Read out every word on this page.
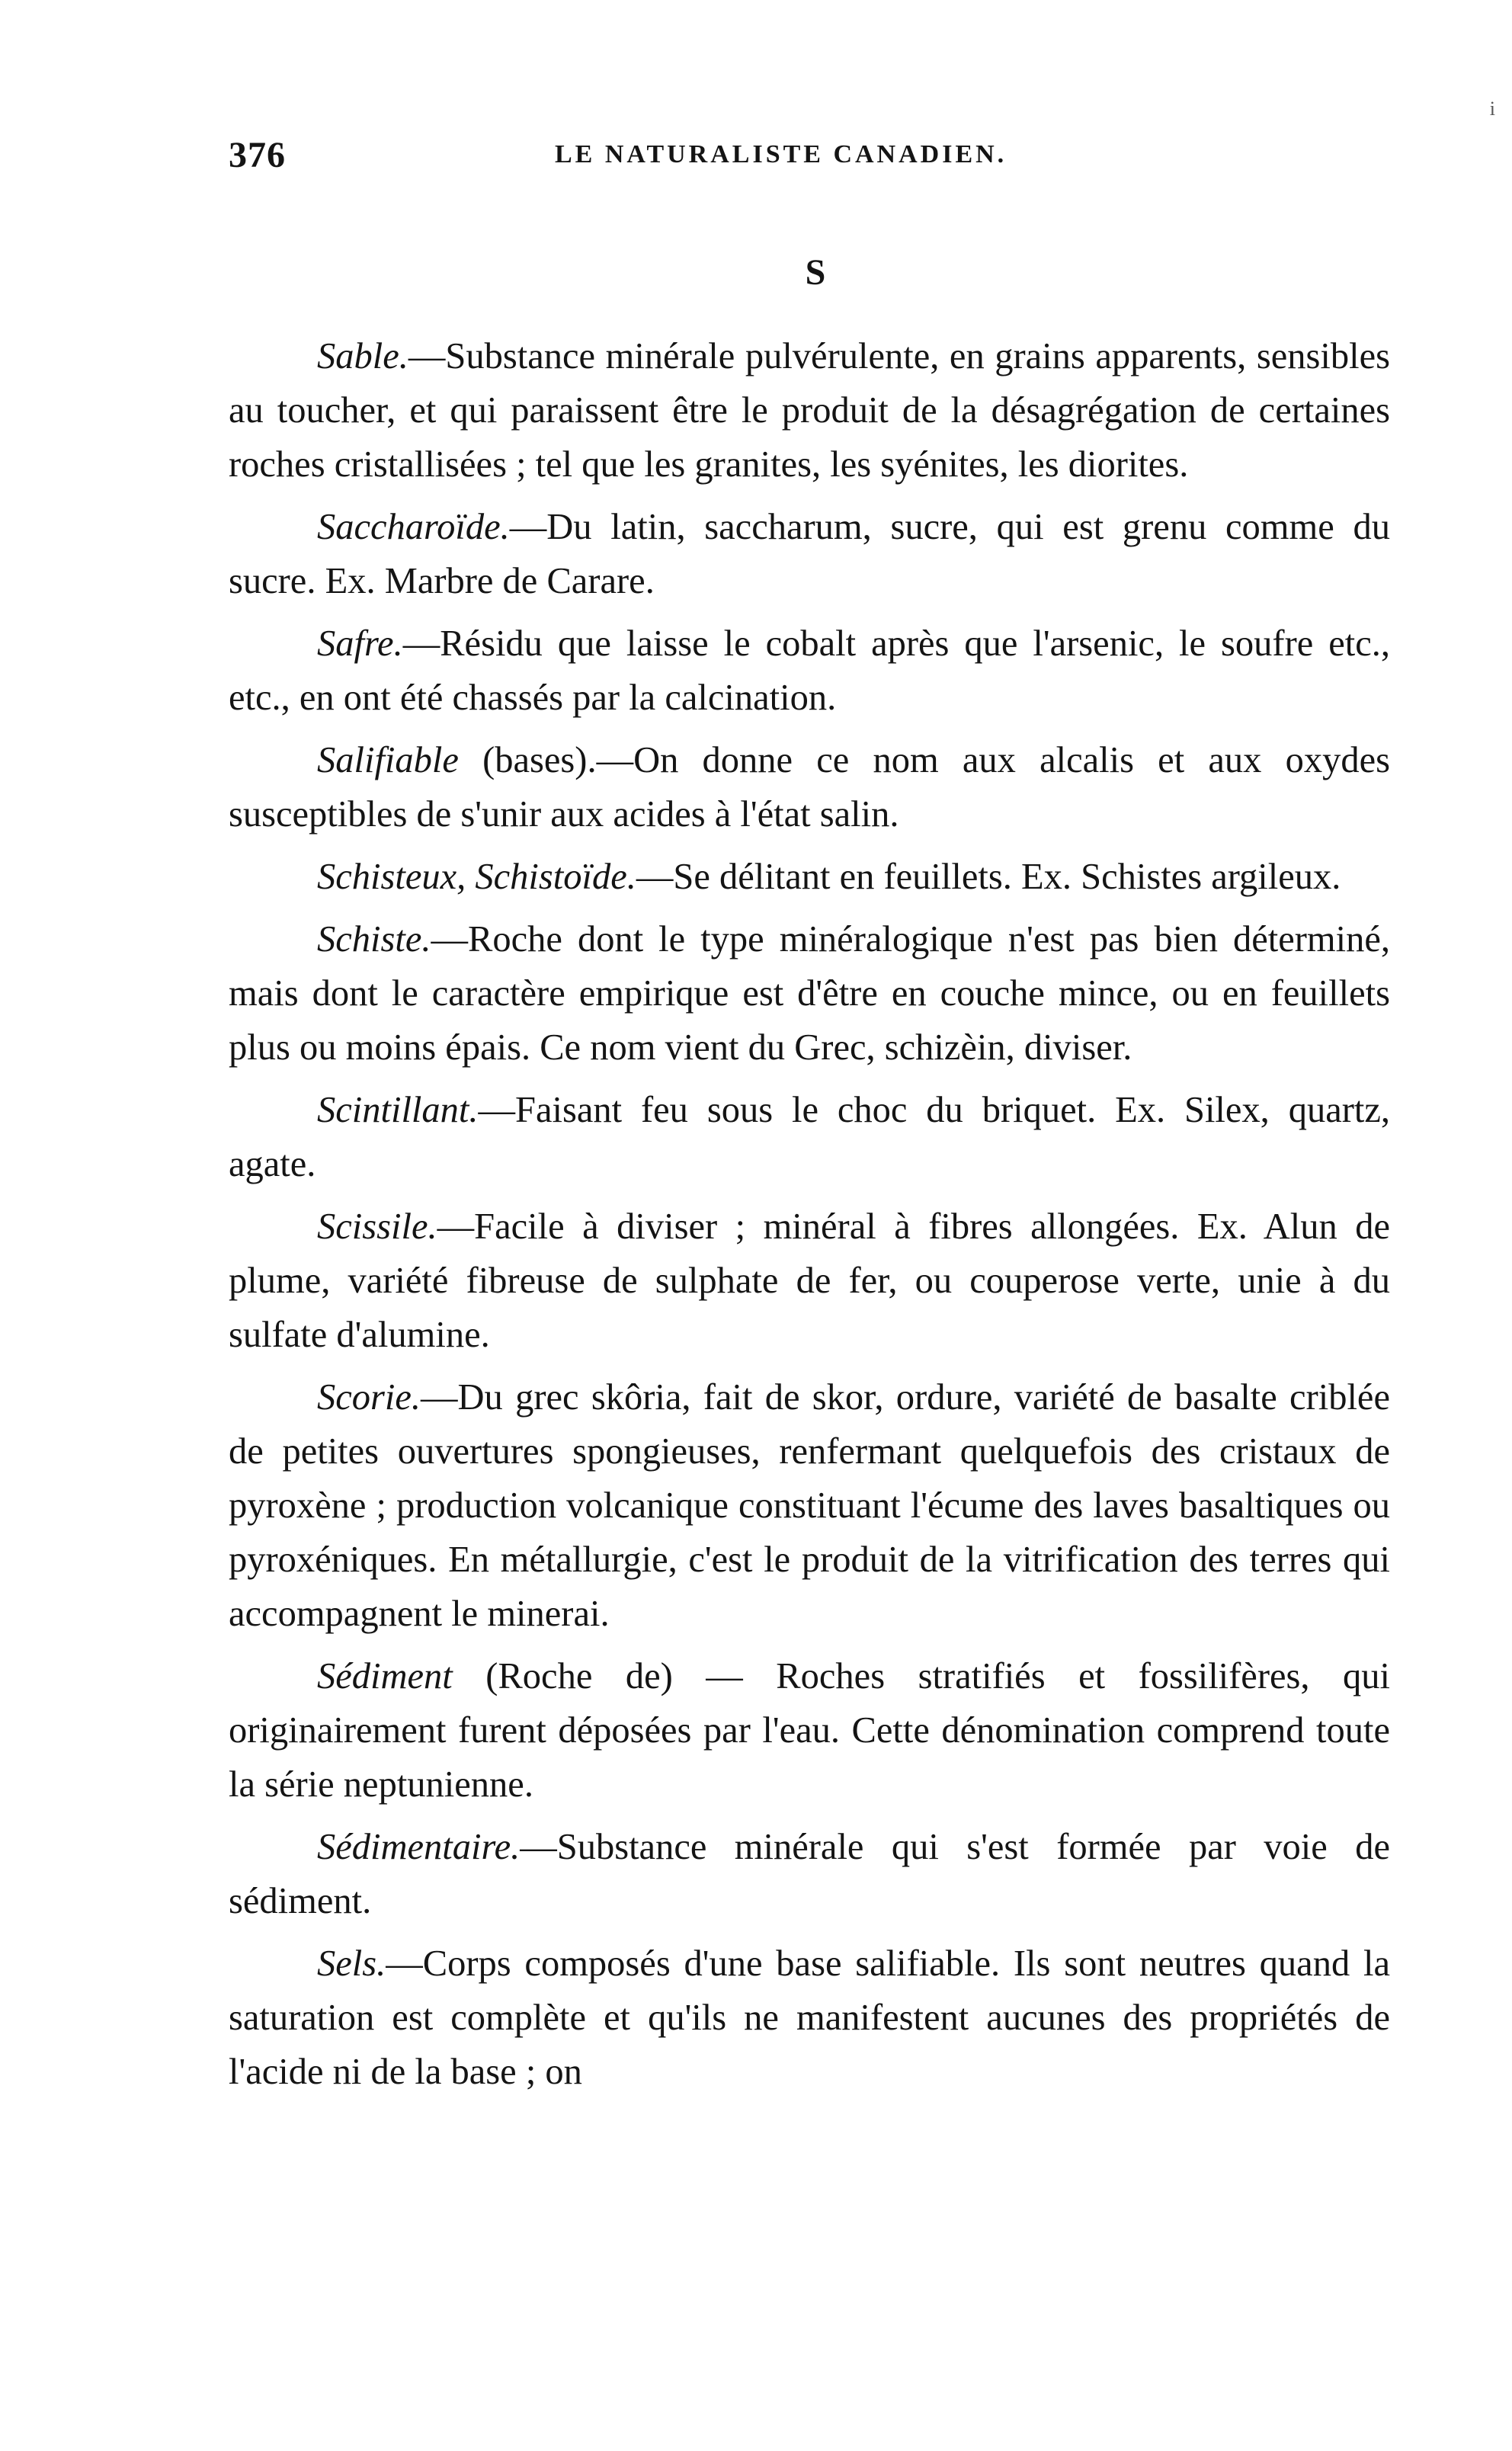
376	LE NATURALISTE CANADIEN.
i
S

Sable.—Substance minérale pulvérulente, en grains apparents, sensibles au toucher, et qui paraissent être le produit de la désagrégation de certaines roches cristallisées ; tel que les granites, les syénites, les diorites.

Saccharoïde.—Du latin, saccharum, sucre, qui est grenu comme du sucre. Ex. Marbre de Carare.

Safre.—Résidu que laisse le cobalt après que l'arsenic, le soufre etc., etc., en ont été chassés par la calcination.

Salifiable (bases).—On donne ce nom aux alcalis et aux oxydes susceptibles de s'unir aux acides à l'état salin.

Schisteux, Schistoïde.—Se délitant en feuillets. Ex. Schistes argileux.

Schiste.—Roche dont le type minéralogique n'est pas bien déterminé, mais dont le caractère empirique est d'être en couche mince, ou en feuillets plus ou moins épais. Ce nom vient du Grec, schizèin, diviser.

Scintillant.—Faisant feu sous le choc du briquet. Ex. Silex, quartz, agate.

Scissile.—Facile à diviser ; minéral à fibres allongées. Ex. Alun de plume, variété fibreuse de sulphate de fer, ou couperose verte, unie à du sulfate d'alumine.

Scorie.—Du grec skôria, fait de skor, ordure, variété de basalte criblée de petites ouvertures spongieuses, renfermant quelquefois des cristaux de pyroxène ; production volcanique constituant l'écume des laves basaltiques ou pyroxéniques. En métallurgie, c'est le produit de la vitrification des terres qui accompagnent le minerai.

Sédiment (Roche de) — Roches stratifiés et fossilifères, qui originairement furent déposées par l'eau. Cette dénomination comprend toute la série neptunienne.

Sédimentaire.—Substance minérale qui s'est formée par voie de sédiment.

Sels.—Corps composés d'une base salifiable. Ils sont neutres quand la saturation est complète et qu'ils ne manifestent aucunes des propriétés de l'acide ni de la base ; on
